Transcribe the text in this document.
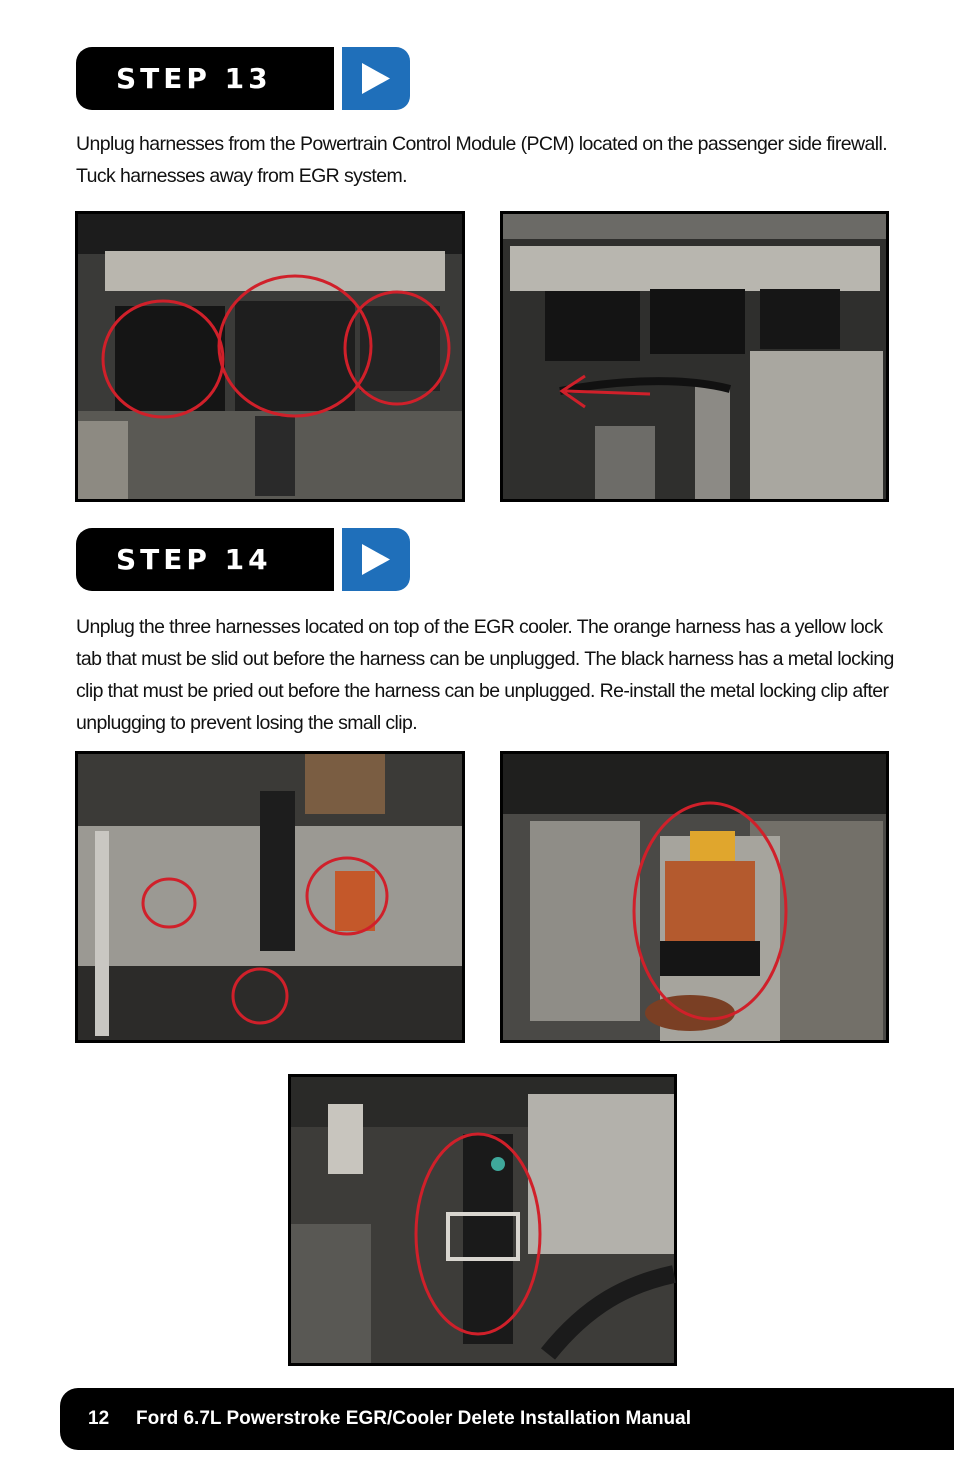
STEP 13
Unplug harnesses from the Powertrain Control Module (PCM) located on the passenger side firewall. Tuck harnesses away from EGR system.
STEP 14
Unplug the three harnesses located on top of the EGR cooler. The orange harness has a yellow lock tab that must be slid out before the harness can be unplugged. The black harness has a metal locking clip that must be pried out before the harness can be unplugged. Re-install the metal locking clip after unplugging to prevent losing the small clip.
12 Ford 6.7L Powerstroke EGR/Cooler Delete Installation Manual
